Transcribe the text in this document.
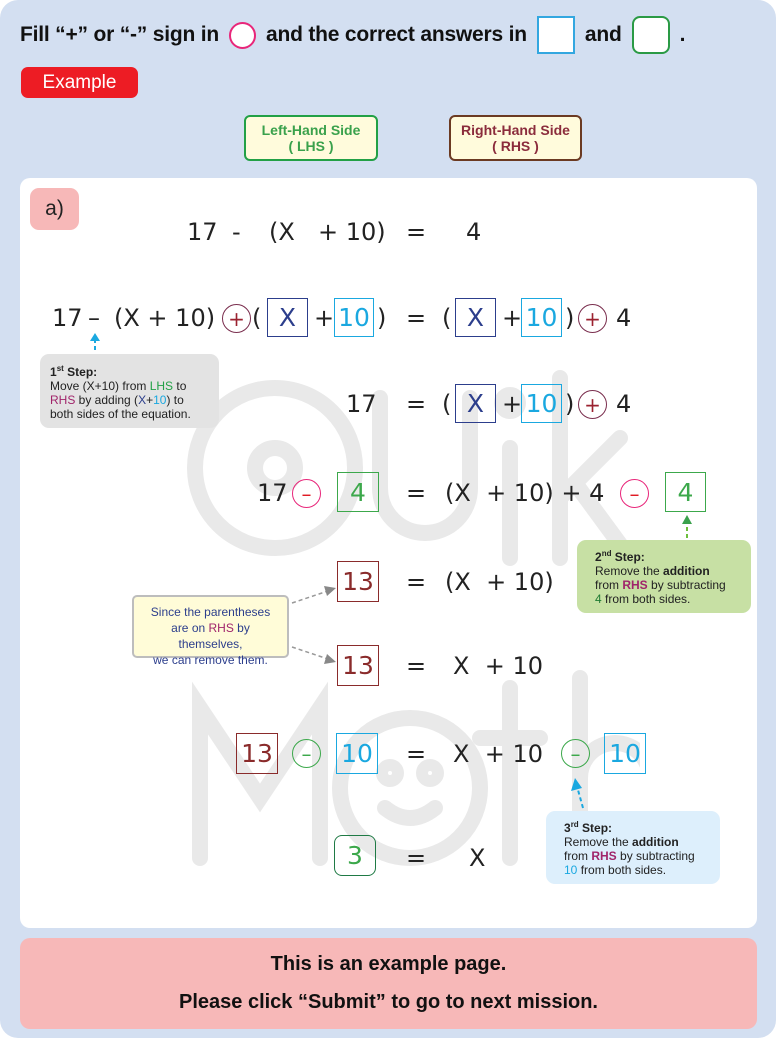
Fill “+” or “-” sign in and the correct answers in	and	.
Example
Left-Hand Side
( LHS )
Right-Hand Side
( RHS )
a)
17 - (X + 10) = 4
17 – (X + 10) + ( X + 10 ) = ( X + 10 ) + 4
17 = ( X + 10 ) + 4
17 –	4	= (X  + 10) + 4	–	4
13 = (X  + 10)
13 = X  + 10
13	–	10 = X  + 10	–	10
3	= X
1st Step:
Move (X+10) from LHS to
RHS by adding (X+10) to
both sides of the equation.
2nd Step:
Remove the addition
from RHS by subtracting
4 from both sides.
3rd Step:
Remove the addition
from RHS by subtracting
10 from both sides.
Since the parentheses
are on RHS by themselves,
we can remove them.
This is an example page.
Please click “Submit” to go to next mission.
